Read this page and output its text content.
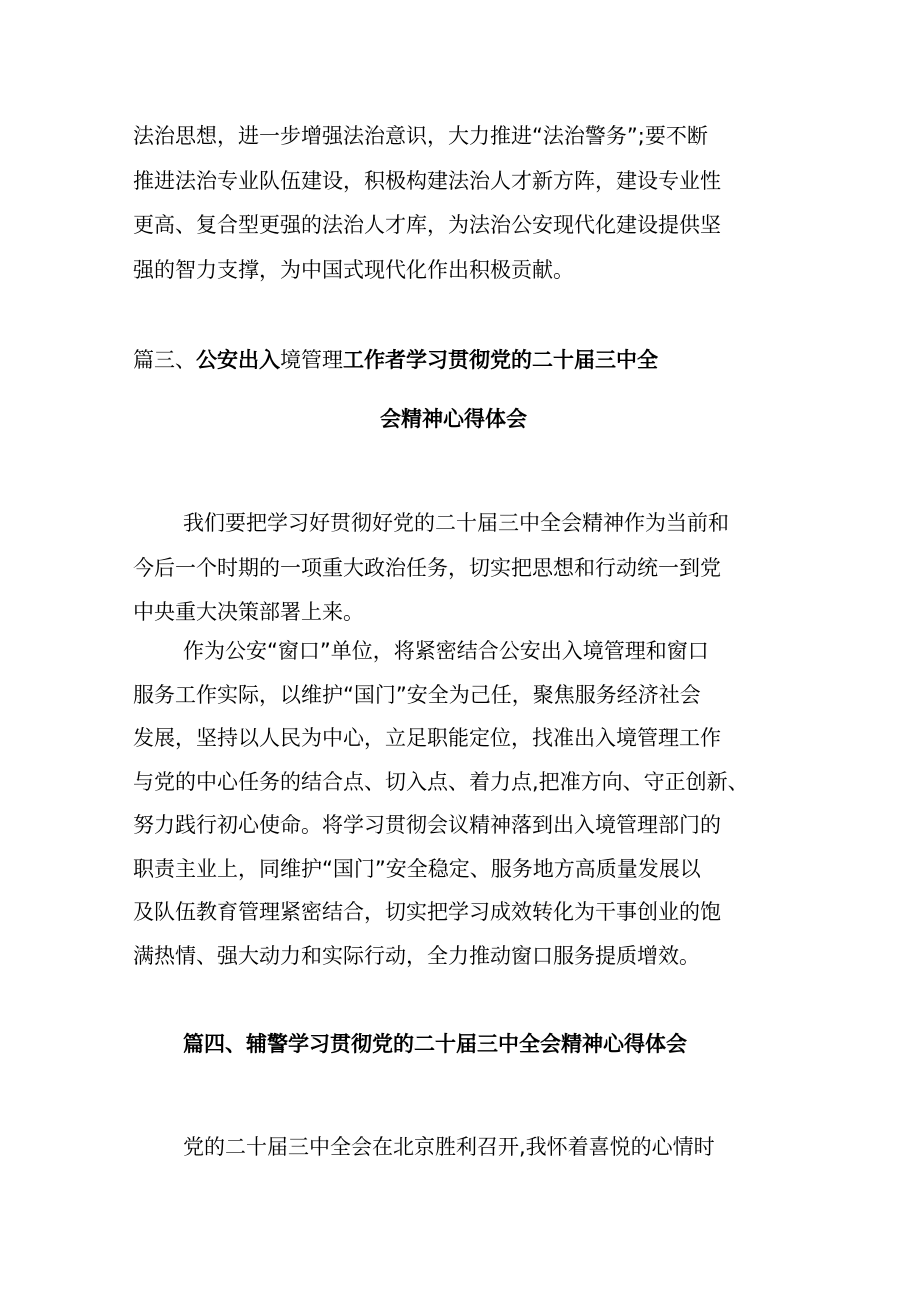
法治思想，进一步增强法治意识，大力推进“法治警务”;要不断
推进法治专业队伍建设，积极构建法治人才新方阵，建设专业性
更高、复合型更强的法治人才库，为法治公安现代化建设提供坚
强的智力支撑，为中国式现代化作出积极贡献。
篇三、公安出入境管理工作者学习贯彻党的二十届三中全
会精神心得体会
我们要把学习好贯彻好党的二十届三中全会精神作为当前和
今后一个时期的一项重大政治任务，切实把思想和行动统一到党
中央重大决策部署上来。
作为公安“窗口”单位，将紧密结合公安出入境管理和窗口
服务工作实际，以维护“国门”安全为己任，聚焦服务经济社会
发展，坚持以人民为中心，立足职能定位，找准出入境管理工作
与党的中心任务的结合点、切入点、着力点,把准方向、守正创新、
努力践行初心使命。将学习贯彻会议精神落到出入境管理部门的
职责主业上，同维护“国门”安全稳定、服务地方高质量发展以
及队伍教育管理紧密结合，切实把学习成效转化为干事创业的饱
满热情、强大动力和实际行动，全力推动窗口服务提质增效。
篇四、辅警学习贯彻党的二十届三中全会精神心得体会
党的二十届三中全会在北京胜利召开,我怀着喜悦的心情时
